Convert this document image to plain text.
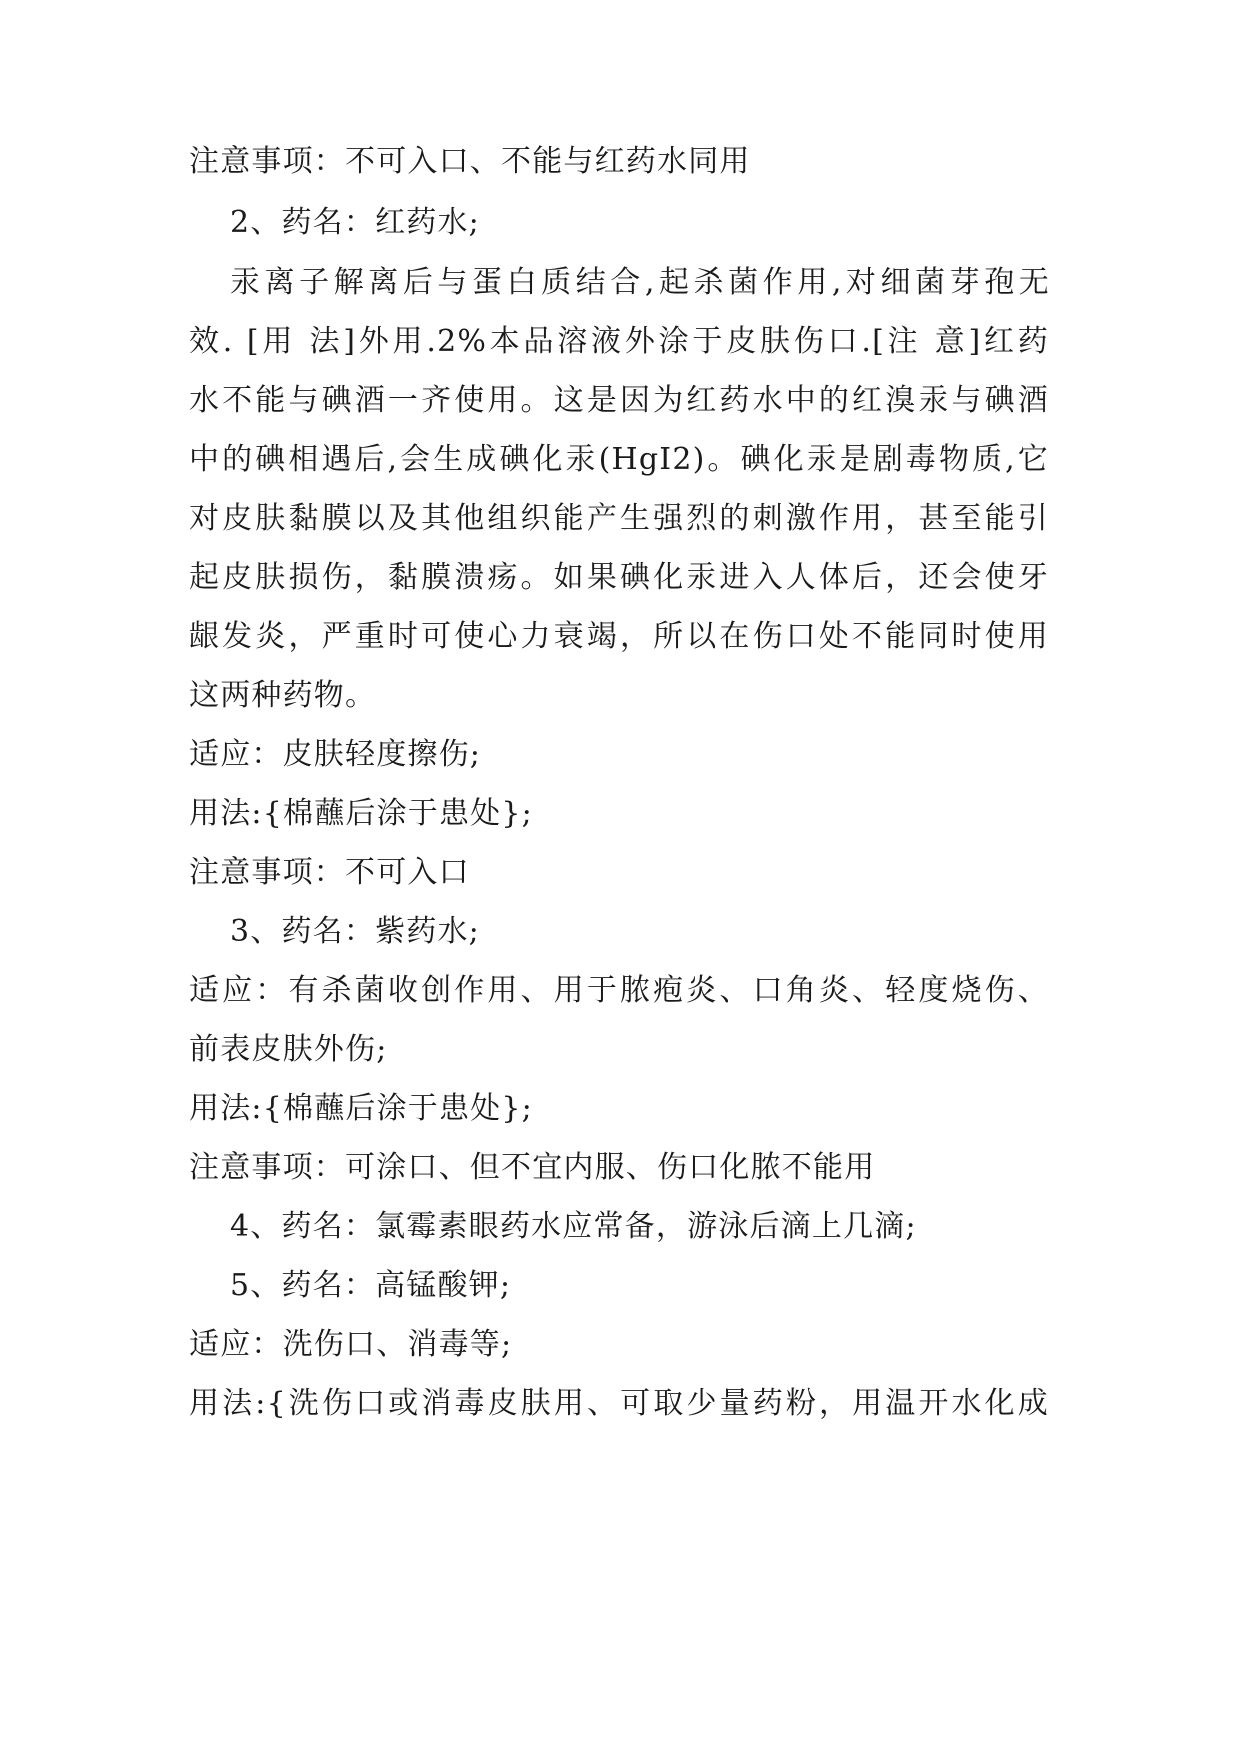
注意事项：不可入口、不能与红药水同用

2、药名：红药水;

汞离子解离后与蛋白质结合,起杀菌作用,对细菌芽孢无

效. [用 法]外用.2%本品溶液外涂于皮肤伤口.[注 意]红药

水不能与碘酒一齐使用。这是因为红药水中的红溴汞与碘酒

中的碘相遇后,会生成碘化汞(HgI2)。碘化汞是剧毒物质,它

对皮肤黏膜以及其他组织能产生强烈的刺激作用，甚至能引

起皮肤损伤，黏膜溃疡。如果碘化汞进入人体后，还会使牙

龈发炎，严重时可使心力衰竭，所以在伤口处不能同时使用

这两种药物。

适应：皮肤轻度擦伤;

用法:{棉蘸后涂于患处};

注意事项：不可入口

3、药名：紫药水;

适应：有杀菌收创作用、用于脓疱炎、口角炎、轻度烧伤、

前表皮肤外伤;

用法:{棉蘸后涂于患处};

注意事项：可涂口、但不宜内服、伤口化脓不能用

4、药名：氯霉素眼药水应常备，游泳后滴上几滴;

5、药名：高锰酸钾;

适应：洗伤口、消毒等;

用法:{洗伤口或消毒皮肤用、可取少量药粉，用温开水化成
